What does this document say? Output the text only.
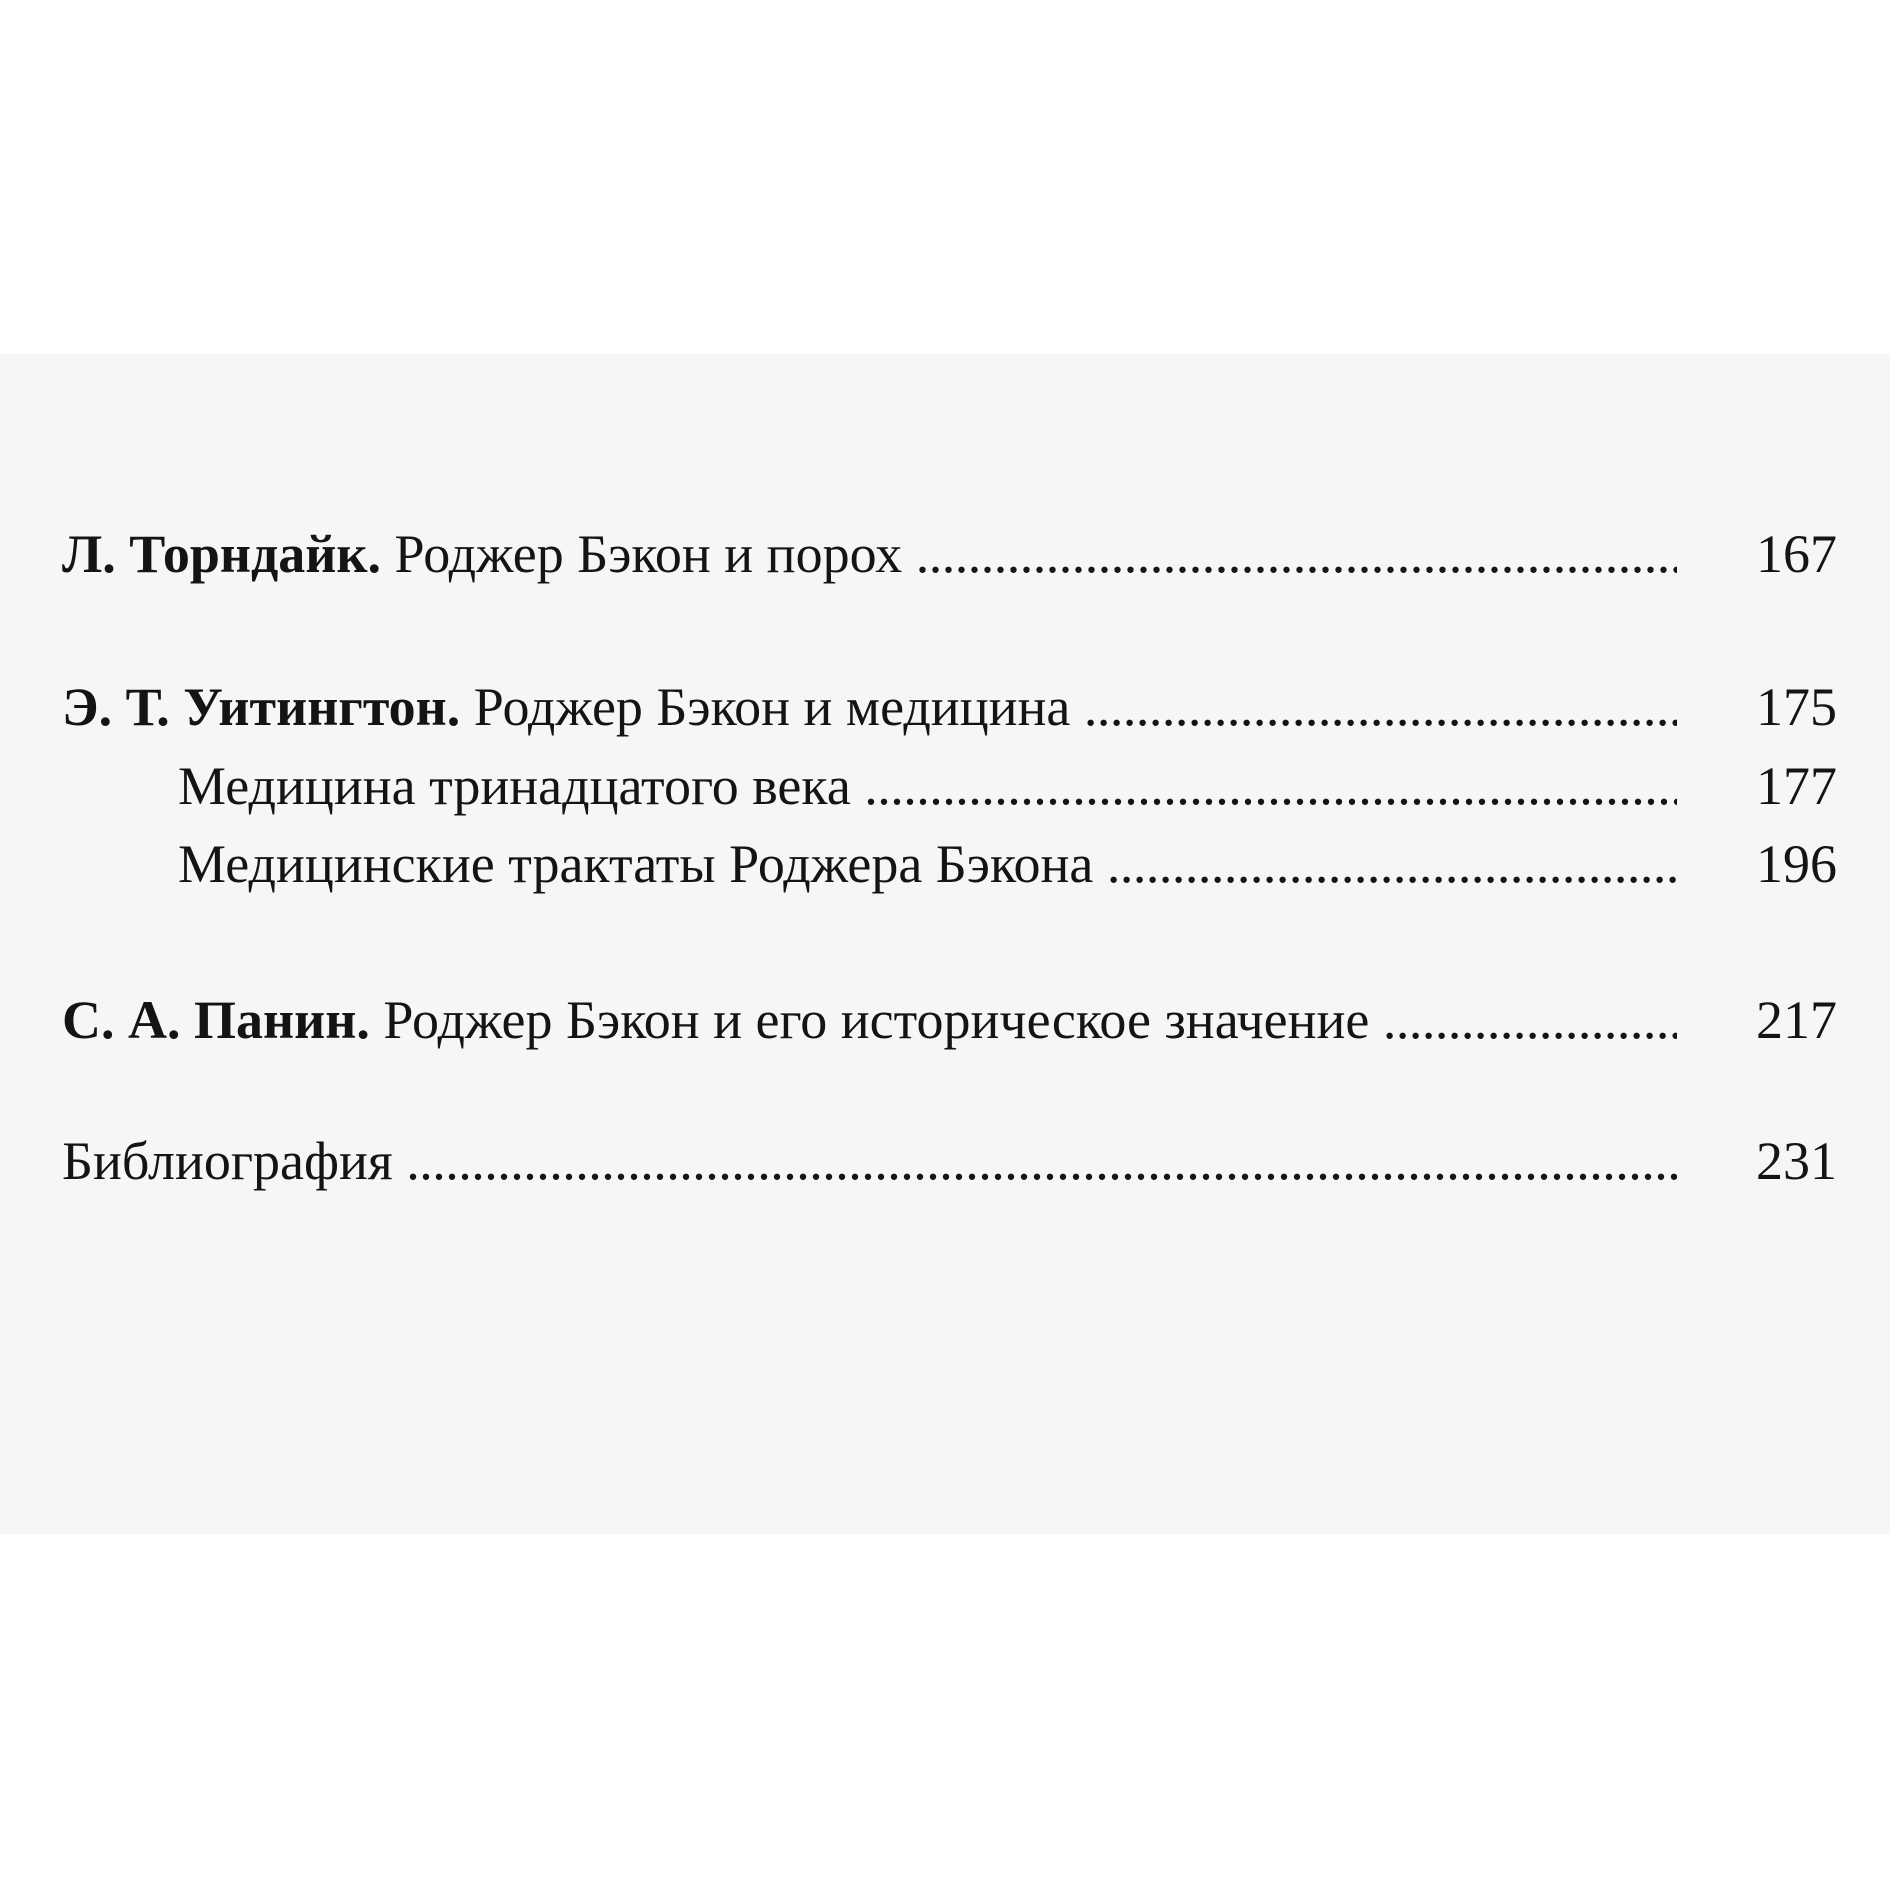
Л. Торндайк. Роджер Бэкон и порох . . .	167
Э. Т. Уитингтон. Роджер Бэкон и медицина . . .	175
Медицина тринадцатого века . . .	177
Медицинские трактаты Роджера Бэкона . . .	196
С. А. Панин. Роджер Бэкон и его историческое значение . . .	217
Библиография . . .	231
